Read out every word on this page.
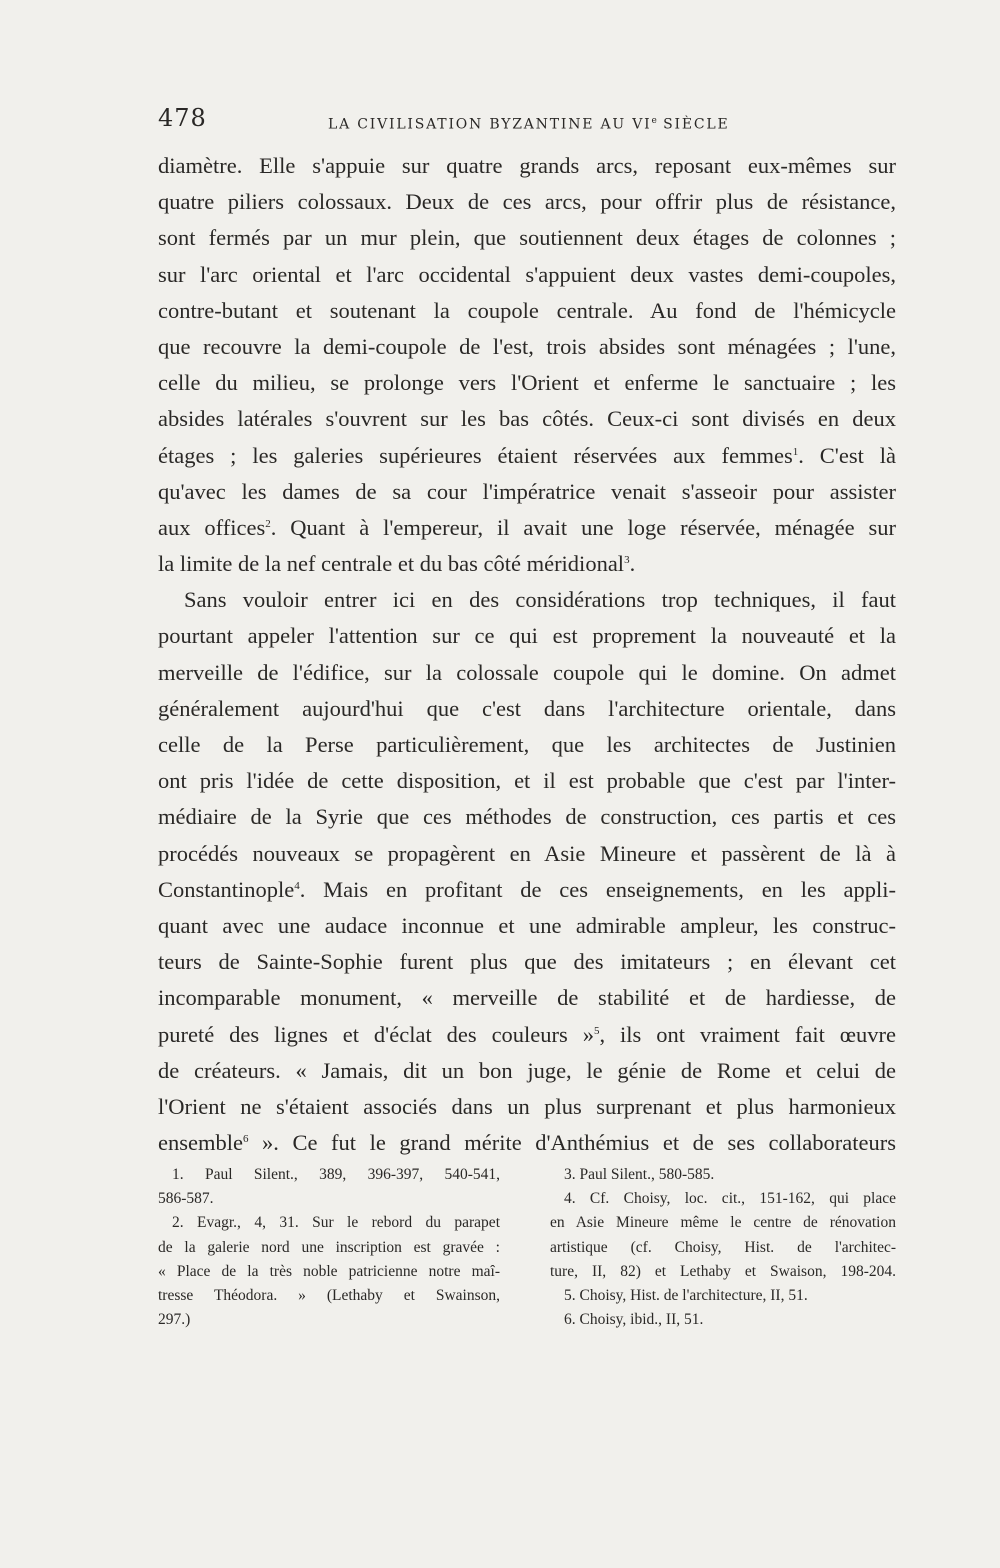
478	LA CIVILISATION BYZANTINE AU VIe SIÈCLE
diamètre. Elle s'appuie sur quatre grands arcs, reposant eux-mêmes sur
quatre piliers colossaux. Deux de ces arcs, pour offrir plus de résistance,
sont fermés par un mur plein, que soutiennent deux étages de colonnes ;
sur l'arc oriental et l'arc occidental s'appuient deux vastes demi-coupoles,
contre-butant et soutenant la coupole centrale. Au fond de l'hémicycle
que recouvre la demi-coupole de l'est, trois absides sont ménagées ; l'une,
celle du milieu, se prolonge vers l'Orient et enferme le sanctuaire ; les
absides latérales s'ouvrent sur les bas côtés. Ceux-ci sont divisés en deux
étages ; les galeries supérieures étaient réservées aux femmes$^1$. C'est là
qu'avec les dames de sa cour l'impératrice venait s'asseoir pour assister
aux offices$^2$. Quant à l'empereur, il avait une loge réservée, ménagée sur
la limite de la nef centrale et du bas côté méridional$^3$.
Sans vouloir entrer ici en des considérations trop techniques, il faut
pourtant appeler l'attention sur ce qui est proprement la nouveauté et la
merveille de l'édifice, sur la colossale coupole qui le domine. On admet
généralement aujourd'hui que c'est dans l'architecture orientale, dans
celle de la Perse particulièrement, que les architectes de Justinien
ont pris l'idée de cette disposition, et il est probable que c'est par l'inter-
médiaire de la Syrie que ces méthodes de construction, ces partis et ces
procédés nouveaux se propagèrent en Asie Mineure et passèrent de là à
Constantinople$^4$. Mais en profitant de ces enseignements, en les appli-
quant avec une audace inconnue et une admirable ampleur, les construc-
teurs de Sainte-Sophie furent plus que des imitateurs ; en élevant cet
incomparable monument, « merveille de stabilité et de hardiesse, de
pureté des lignes et d'éclat des couleurs »$^5$, ils ont vraiment fait œuvre
de créateurs. « Jamais, dit un bon juge, le génie de Rome et celui de
l'Orient ne s'étaient associés dans un plus surprenant et plus harmonieux
ensemble$^6$ ». Ce fut le grand mérite d'Anthémius et de ses collaborateurs
1. Paul Silent., 389, 396-397, 540-541,
586-587.
2. Evagr., 4, 31. Sur le rebord du parapet
de la galerie nord une inscription est gravée :
« Place de la très noble patricienne notre maî-
tresse Théodora. » (Lethaby et Swainson,
297.)
3. Paul Silent., 580-585.
4. Cf. Choisy, loc. cit., 151-162, qui place
en Asie Mineure même le centre de rénovation
artistique (cf. Choisy, Hist. de l'architec-
ture, II, 82) et Lethaby et Swaison, 198-204.
5. Choisy, Hist. de l'architecture, II, 51.
6. Choisy, ibid., II, 51.
